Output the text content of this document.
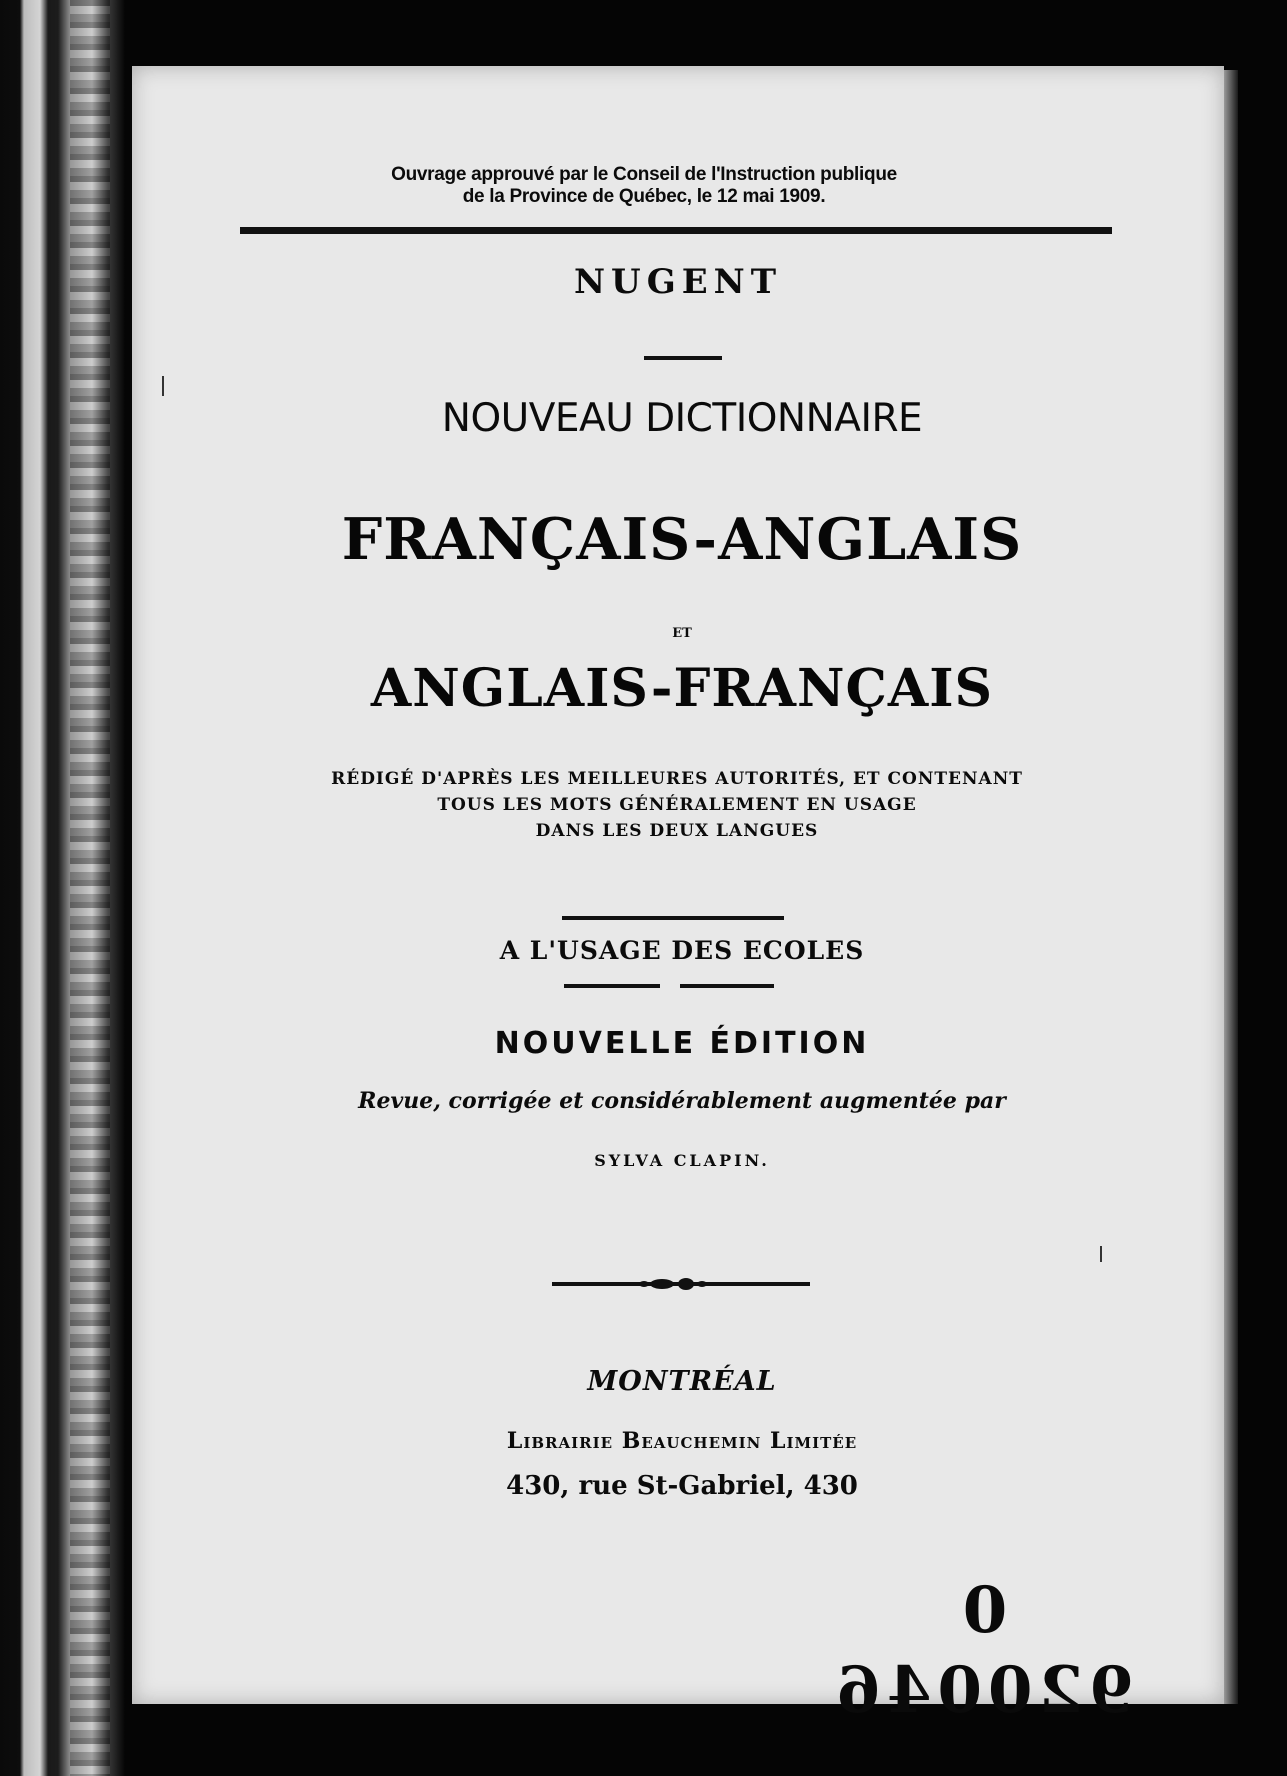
Ouvrage approuvé par le Conseil de l'Instruction publique
de la Province de Québec, le 12 mai 1909.
NUGENT
NOUVEAU DICTIONNAIRE
FRANÇAIS-ANGLAIS
ET
ANGLAIS-FRANÇAIS
RÉDIGÉ D'APRÈS LES MEILLEURES AUTORITÉS, ET CONTENANT
TOUS LES MOTS GÉNÉRALEMENT EN USAGE
DANS LES DEUX LANGUES
A L'USAGE DES ECOLES
NOUVELLE ÉDITION
Revue, corrigée et considérablement augmentée par
SYLVA CLAPIN.
MONTRÉAL
Librairie Beauchemin Limitée
430, rue St-Gabriel, 430
0 920046
